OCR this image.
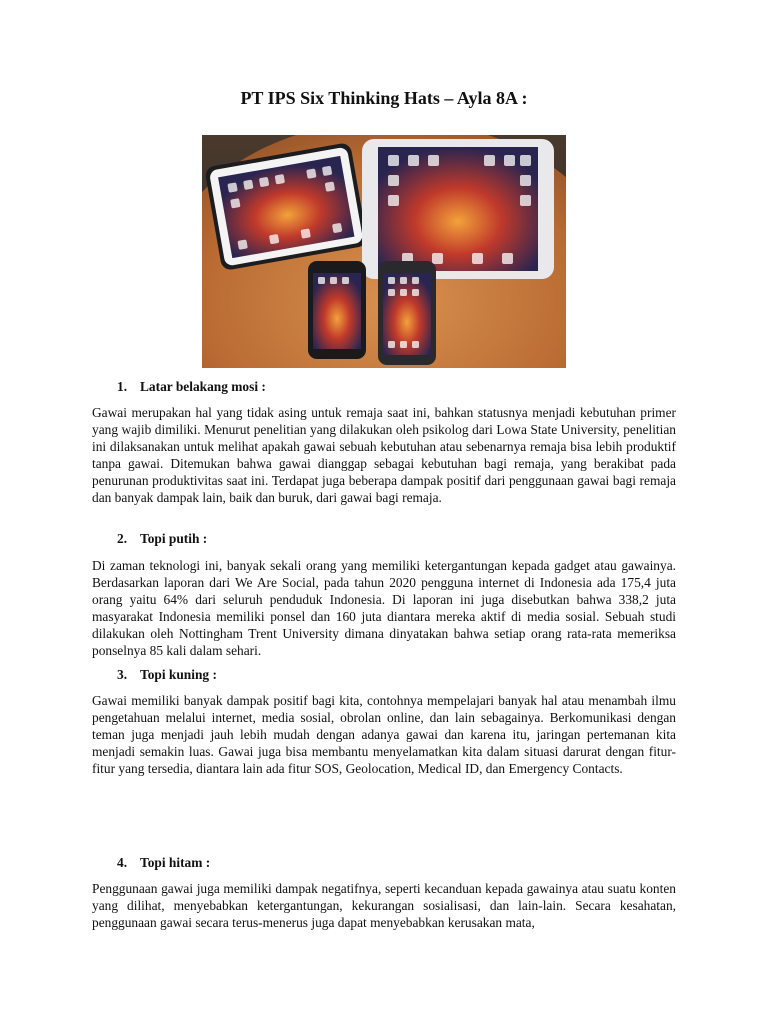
PT IPS Six Thinking Hats – Ayla 8A :
1. Latar belakang mosi :
Gawai merupakan hal yang tidak asing untuk remaja saat ini, bahkan statusnya menjadi kebutuhan primer yang wajib dimiliki. Menurut penelitian yang dilakukan oleh psikolog dari Lowa State University, penelitian ini dilaksanakan untuk melihat apakah gawai sebuah kebutuhan atau sebenarnya remaja bisa lebih produktif tanpa gawai. Ditemukan bahwa gawai dianggap sebagai kebutuhan bagi remaja, yang berakibat pada penurunan produktivitas saat ini. Terdapat juga beberapa dampak positif dari penggunaan gawai bagi remaja dan banyak dampak lain, baik dan buruk, dari gawai bagi remaja.
2. Topi putih :
Di zaman teknologi ini, banyak sekali orang yang memiliki ketergantungan kepada gadget atau gawainya. Berdasarkan laporan dari We Are Social, pada tahun 2020 pengguna internet di Indonesia ada 175,4 juta orang yaitu 64% dari seluruh penduduk Indonesia. Di laporan ini juga disebutkan bahwa 338,2 juta masyarakat Indonesia memiliki ponsel dan 160 juta diantara mereka aktif di media sosial. Sebuah studi dilakukan oleh Nottingham Trent University dimana dinyatakan bahwa setiap orang rata-rata memeriksa ponselnya 85 kali dalam sehari.
3. Topi kuning :
Gawai memiliki banyak dampak positif bagi kita, contohnya mempelajari banyak hal atau menambah ilmu pengetahuan melalui internet, media sosial, obrolan online, dan lain sebagainya. Berkomunikasi dengan teman juga menjadi jauh lebih mudah dengan adanya gawai dan karena itu, jaringan pertemanan kita menjadi semakin luas. Gawai juga bisa membantu menyelamatkan kita dalam situasi darurat dengan fitur-fitur yang tersedia, diantara lain ada fitur SOS, Geolocation, Medical ID, dan Emergency Contacts.
4. Topi hitam :
Penggunaan gawai juga memiliki dampak negatifnya, seperti kecanduan kepada gawainya atau suatu konten yang dilihat, menyebabkan ketergantungan, kekurangan sosialisasi, dan lain-lain. Secara kesahatan, penggunaan gawai secara terus-menerus juga dapat menyebabkan kerusakan mata,
